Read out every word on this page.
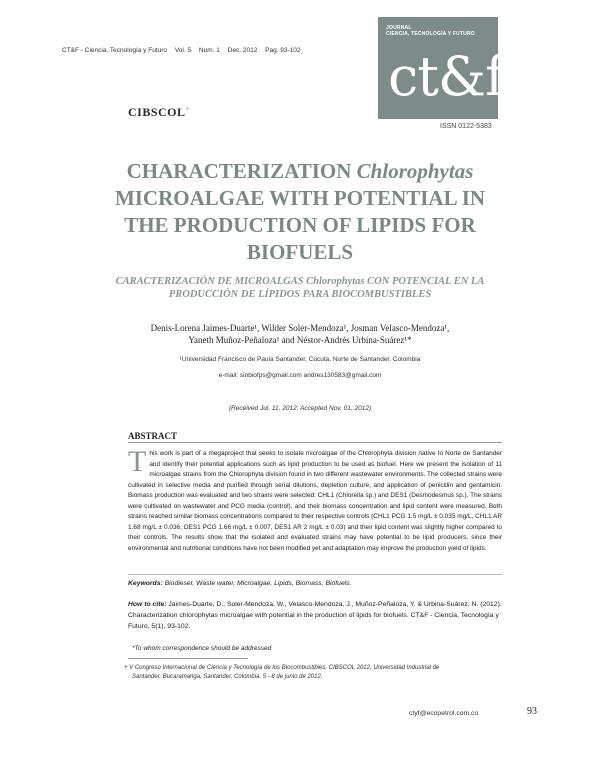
CT&F - Ciencia, Tecnología y Futuro Vol. 5 Num. 1 Dec. 2012 Pag. 93-102
JOURNAL
CIENCIA, TECNOLOGÍA Y FUTURO
ct&f
CIBSCOL+
ISSN 0122-5383
CHARACTERIZATION Chlorophytas MICROALGAE WITH POTENTIAL IN THE PRODUCTION OF LIPIDS FOR BIOFUELS
CARACTERIZACIÓN DE MICROALGAS Chlorophytas CON POTENCIAL EN LA PRODUCCIÓN DE LÍPIDOS PARA BIOCOMBUSTIBLES
Denis-Lorena Jaimes-Duarte¹, Wilder Soler-Mendoza¹, Josman Velasco-Mendoza¹,
Yaneth Muñoz-Peñaloza¹ and Néstor-Andrés Urbina-Suárez¹*
¹Universidad Francisco de Paula Santander, Cúcuta, Norte de Santander, Colombia
e-mail: sinbiofps@gmail.com andres130583@gmail.com
(Received Jul. 11, 2012; Accepted Nov. 01, 2012)
ABSTRACT
This work is part of a megaproject that seeks to isolate microalgae of the Chlorophyta division native to Norte de Santander and identify their potential applications such as lipid production to be used as biofuel. Here we present the isolation of 11 microalgae strains from the Chlorophyta division found in two different wastewater environments. The collected strains were cultivated in selective media and purified through serial dilutions, depletion culture, and application of penicillin and gentamicin. Biomass production was evaluated and two strains were selected: CHL1 (Chlorella sp.) and DES1 (Desmodesmus sp.). The strains were cultivated on wastewater and PCG media (control), and their biomass concentration and lipid content were measured. Both strains reached similar biomass concentrations compared to their respective controls (CHL1 PCG 1.5 mg/L ± 0.035 mg/L, CHL1 AR 1.68 mg/L ± 0.036, DES1 PCG 1.66 mg/L ± 0.007, DES1 AR 2 mg/L ± 0.03) and their lipid content was slightly higher compared to their controls. The results show that the isolated and evaluated strains may have potential to be lipid producers, since their environmental and nutritional conditions have not been modified yet and adaptation may improve the production yield of lipids.
Keywords: Biodiesel, Waste water, Microalgae, Lipids, Biomass, Biofuels.
How to cite: Jaimes-Duarte, D., Soler-Mendoza, W., Velasco-Mendoza, J., Muñoz-Peñaloza, Y. & Urbina-Suárez, N. (2012). Characterization chlorophytas microalgae with potential in the production of lipids for biofuels. CT&F - Ciencia, Tecnología y Futuro, 5(1), 93-102.
*To whom correspondence should be addressed
+ V Congreso Internacional de Ciencia y Tecnología de los Biocombustibles, CIBSCOL 2012, Universidad Industrial de
Santander, Bucaramanga, Santander, Colombia. 5 - 8 de junio de 2012.
ctyf@ecopetrol.com.co	93
